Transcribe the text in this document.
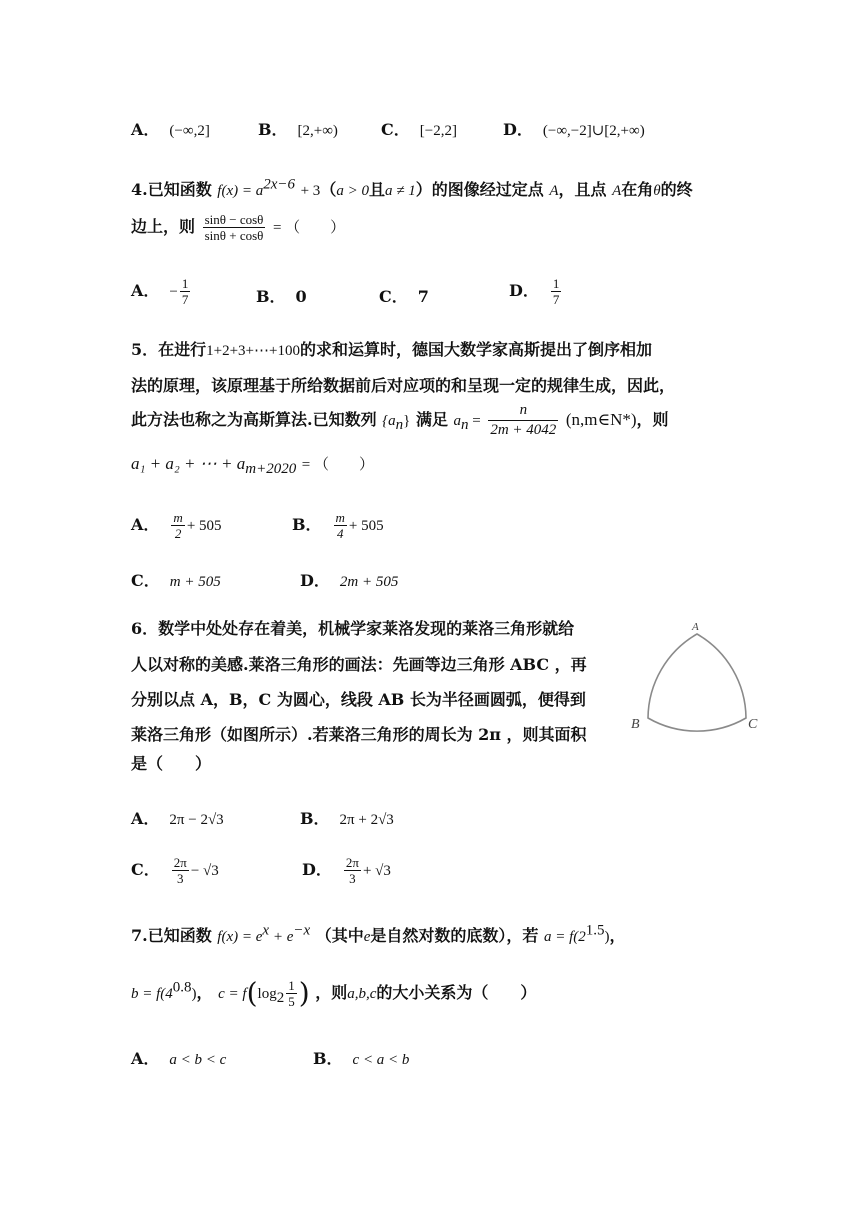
A． (−∞,2]	B． [2,+∞)	C． [−2,2]	D． (−∞,−2]∪[2,+∞)
4.已知函数 $f(x) = a^{2x-6} + 3(a > 0$且a ≠ 1）的图像经过定点 A，且点 A在角θ的终
边上，则 $\frac{\sin\theta - \cos\theta}{\sin\theta + \cos\theta}$ = （　　）
A． − $\frac{1}{7}$	B． 0	C． 7	D． $\frac{1}{7}$
5．在进行1+2+3+⋯+100的求和运算时，德国大数学家高斯提出了倒序相加
法的原理，该原理基于所给数据前后对应项的和呈现一定的规律生成，因此，
此方法也称之为高斯算法.已知数列 $\{a_n\}$ 满足 $a_n = \frac{n}{2m + 4042}$ (n,m∈N*)，则
a₁ + a₂ + ⋯ + $a_{m+2020}$ = （　　）
A． $\frac{m}{2} + 505$	B． $\frac{m}{4} + 505$
C． m + 505	D． 2m + 505
6．数学中处处存在着美，机械学家莱洛发现的莱洛三角形就给
人以对称的美感.莱洛三角形的画法：先画等边三角形 ABC ，再
分别以点 A，B，C 为圆心，线段 AB 长为半径画圆弧，便得到
莱洛三角形（如图所示）.若莱洛三角形的周长为 2π ，则其面积
是（　　）
A
B	C
A． 2π − 2√3	B． 2π + 2√3
C． $\frac{2\pi}{3} - √3$	D． $\frac{2\pi}{3} + √3$
7.已知函数 $f(x) = e^x + e^{-x}$ （其中e是自然对数的底数），若 $a = f(2^{1.5})$，
$b = f(4^{0.8})$， $c = f(\log_2 \frac{1}{5}$ ) ，则a,b,c的大小关系为（　　）
A． a < b < c	B． c < a < b
